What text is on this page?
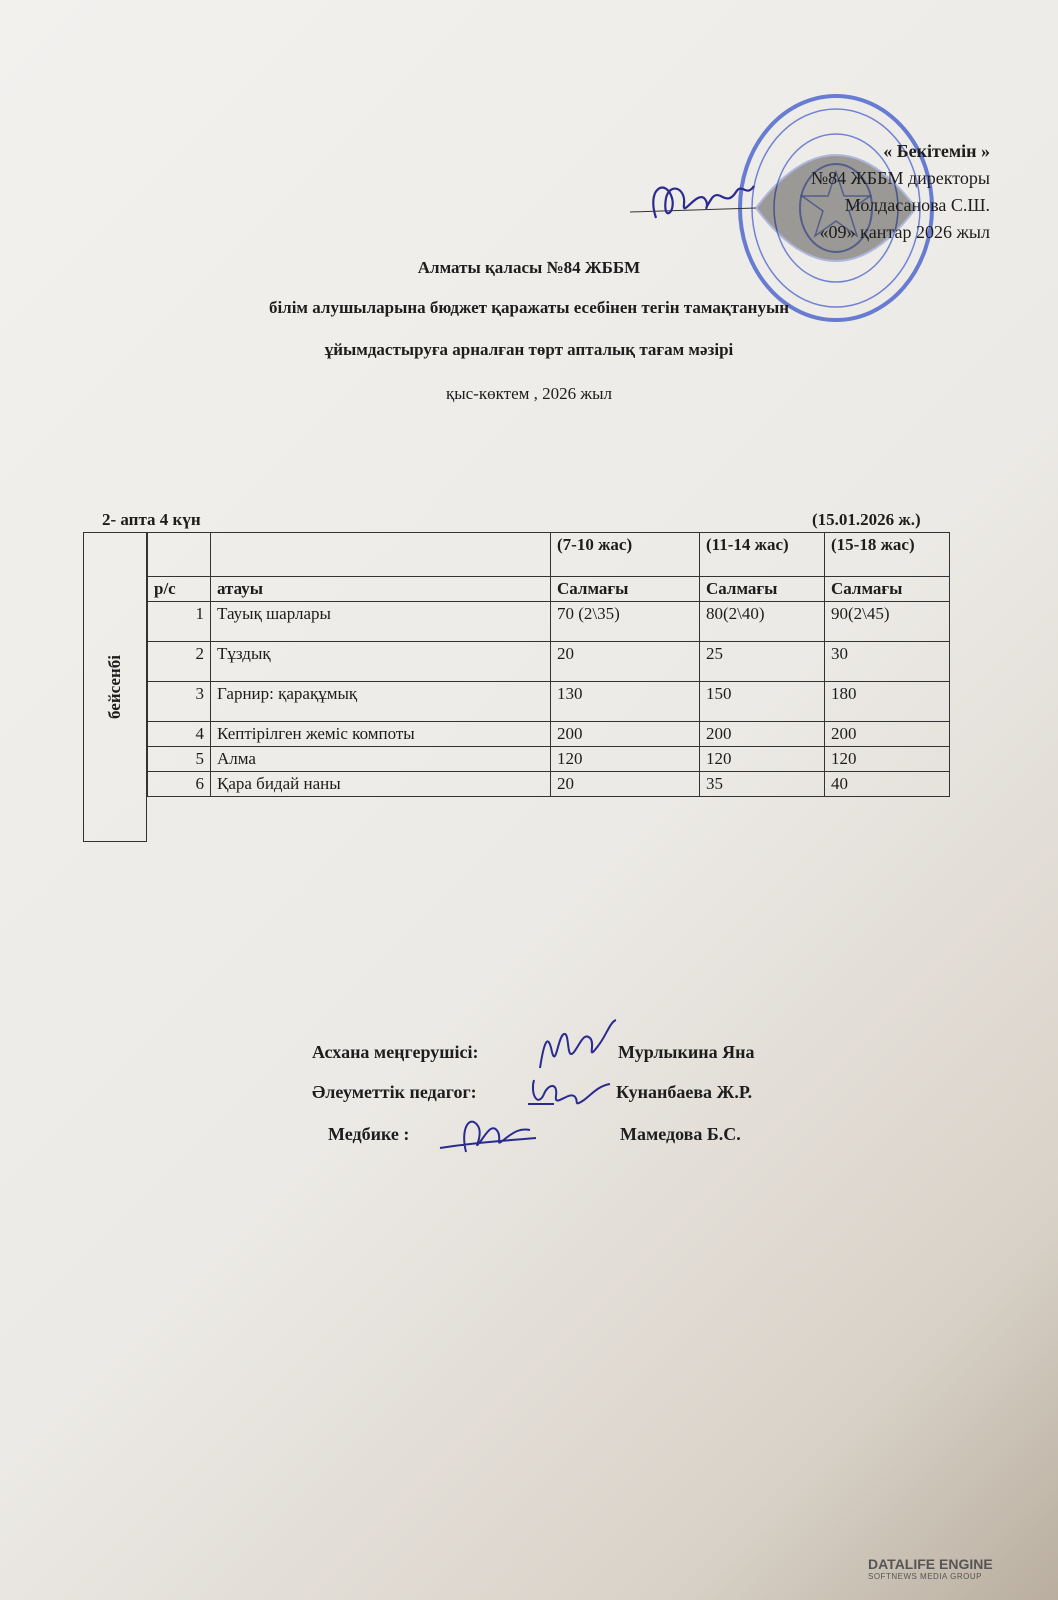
« Бекітемін »
№84 ЖББМ директоры
Молдасанова С.Ш.
«09» қантар 2026 жыл
Алматы қаласы №84 ЖББМ
білім алушыларына бюджет қаражаты есебінен тегін тамақтануын
ұйымдастыруға арналған төрт апталық тағам мәзірі
қыс-көктем , 2026 жыл
2- апта 4 күн	(15.01.2026 ж.)
бейсенбі
		(7-10 жас)	(11-14 жас)	(15-18 жас)
р/с	атауы	Салмағы	Салмағы	Салмағы
1	Тауық шарлары	70 (2\35)	80(2\40)	90(2\45)
2	Тұздық	20	25	30
3	Гарнир: қарақұмық	130	150	180
4	Кептірілген жеміс компоты	200	200	200
5	Алма	120	120	120
6	Қара бидай наны	20	35	40
Асхана меңгерушісі:	Мурлыкина Яна
Әлеуметтік педагог:	Кунанбаева Ж.Р.
Медбике :	Мамедова Б.С.
DATALIFE ENGINE
SOFTNEWS MEDIA GROUP
